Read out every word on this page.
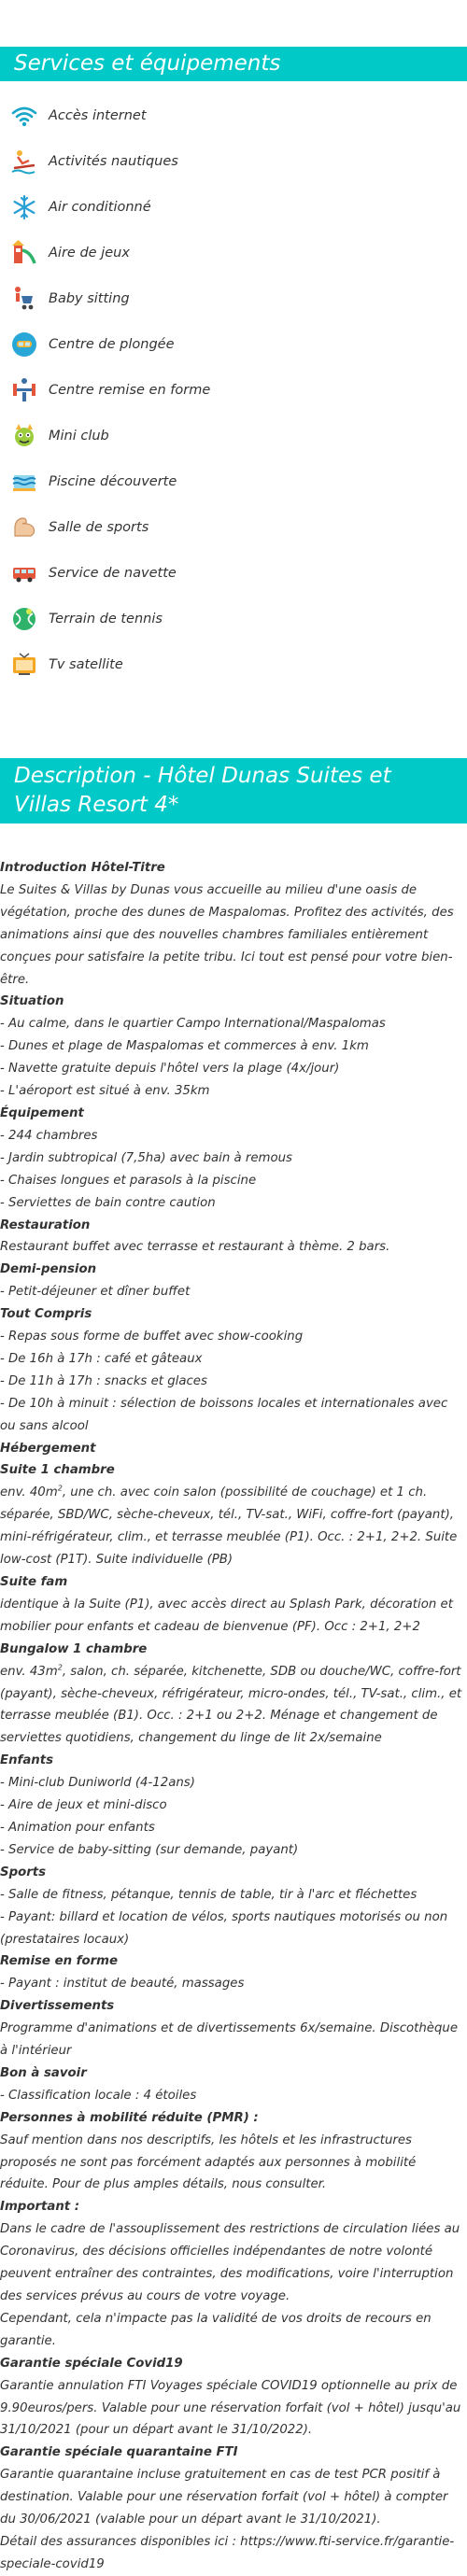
Services et équipements
Accès internet
Activités nautiques
Air conditionné
Aire de jeux
Baby sitting
Centre de plongée
Centre remise en forme
Mini club
Piscine découverte
Salle de sports
Service de navette
Terrain de tennis
Tv satellite
Description - Hôtel Dunas Suites et Villas Resort 4*
Introduction Hôtel-Titre
Le Suites & Villas by Dunas vous accueille au milieu d'une oasis de végétation, proche des dunes de Maspalomas. Profitez des activités, des animations ainsi que des nouvelles chambres familiales entièrement conçues pour satisfaire la petite tribu. Ici tout est pensé pour votre bien-être.
Situation
- Au calme, dans le quartier Campo International/Maspalomas
- Dunes et plage de Maspalomas et commerces à env. 1km
- Navette gratuite depuis l'hôtel vers la plage (4x/jour)
- L'aéroport est situé à env. 35km
Équipement
- 244 chambres
- Jardin subtropical (7,5ha) avec bain à remous
- Chaises longues et parasols à la piscine
- Serviettes de bain contre caution
Restauration
Restaurant buffet avec terrasse et restaurant à thème. 2 bars.
Demi-pension
- Petit-déjeuner et dîner buffet
Tout Compris
- Repas sous forme de buffet avec show-cooking
- De 16h à 17h : café et gâteaux
- De 11h à 17h : snacks et glaces
- De 10h à minuit : sélection de boissons locales et internationales avec ou sans alcool
Hébergement
Suite 1 chambre
env. $40m^2$, une ch. avec coin salon (possibilité de couchage) et 1 ch. séparée, SBD/WC, sèche-cheveux, tél., TV-sat., WiFi, coffre-fort (payant), mini-réfrigérateur, clim., et terrasse meublée (P1). Occ. : 2+1, 2+2. Suite low-cost (P1T). Suite individuelle (PB)
Suite fam
identique à la Suite (P1), avec accès direct au Splash Park, décoration et mobilier pour enfants et cadeau de bienvenue (PF). Occ : 2+1, 2+2
Bungalow 1 chambre
env. $43m^2$, salon, ch. séparée, kitchenette, SDB ou douche/WC, coffre-fort (payant), sèche-cheveux, réfrigérateur, micro-ondes, tél., TV-sat., clim., et terrasse meublée (B1). Occ. : 2+1 ou 2+2. Ménage et changement de serviettes quotidiens, changement du linge de lit 2x/semaine
Enfants
- Mini-club Duniworld (4-12ans)
- Aire de jeux et mini-disco
- Animation pour enfants
- Service de baby-sitting (sur demande, payant)
Sports
- Salle de fitness, pétanque, tennis de table, tir à l'arc et fléchettes
- Payant: billard et location de vélos, sports nautiques motorisés ou non (prestataires locaux)
Remise en forme
- Payant : institut de beauté, massages
Divertissements
Programme d'animations et de divertissements 6x/semaine. Discothèque à l'intérieur
Bon à savoir
- Classification locale : 4 étoiles
Personnes à mobilité réduite (PMR) :
Sauf mention dans nos descriptifs, les hôtels et les infrastructures proposés ne sont pas forcément adaptés aux personnes à mobilité réduite. Pour de plus amples détails, nous consulter.
Important :
Dans le cadre de l'assouplissement des restrictions de circulation liées au Coronavirus, des décisions officielles indépendantes de notre volonté peuvent entraîner des contraintes, des modifications, voire l'interruption des services prévus au cours de votre voyage.
Cependant, cela n'impacte pas la validité de vos droits de recours en garantie.
Garantie spéciale Covid19
Garantie annulation FTI Voyages spéciale COVID19 optionnelle au prix de 9.90euros/pers. Valable pour une réservation forfait (vol + hôtel) jusqu'au 31/10/2021 (pour un départ avant le 31/10/2022).
Garantie spéciale quarantaine FTI
Garantie quarantaine incluse gratuitement en cas de test PCR positif à destination. Valable pour une réservation forfait (vol + hôtel) à compter du 30/06/2021 (valable pour un départ avant le 31/10/2021).
Détail des assurances disponibles ici : https://www.fti-service.fr/garantie-speciale-covid19
